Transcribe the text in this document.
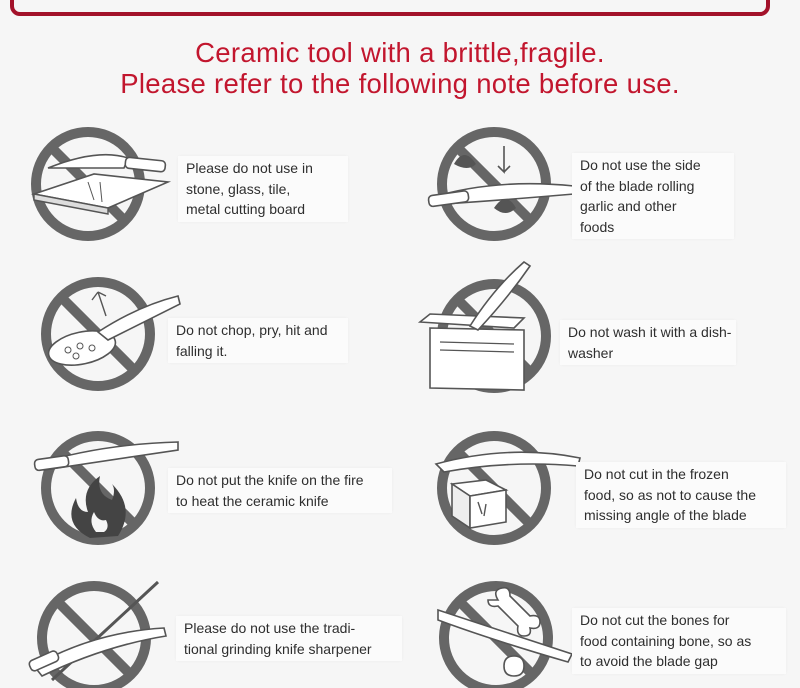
Ceramic tool with a brittle,fragile.
Please refer to the following note before use.
Please do not use in
stone, glass, tile,
metal cutting board
Do not use the side
of the blade rolling
garlic and other
foods
Do not chop, pry, hit and
falling it.
Do not wash it with a dish-
washer
Do not put the knife on the fire
to heat the ceramic knife
Do not cut in the frozen
food, so as not to cause the
missing angle of the blade
Please do not use the tradi-
tional grinding knife sharpener
Do not cut the bones for
food containing bone, so as
to avoid the blade gap
